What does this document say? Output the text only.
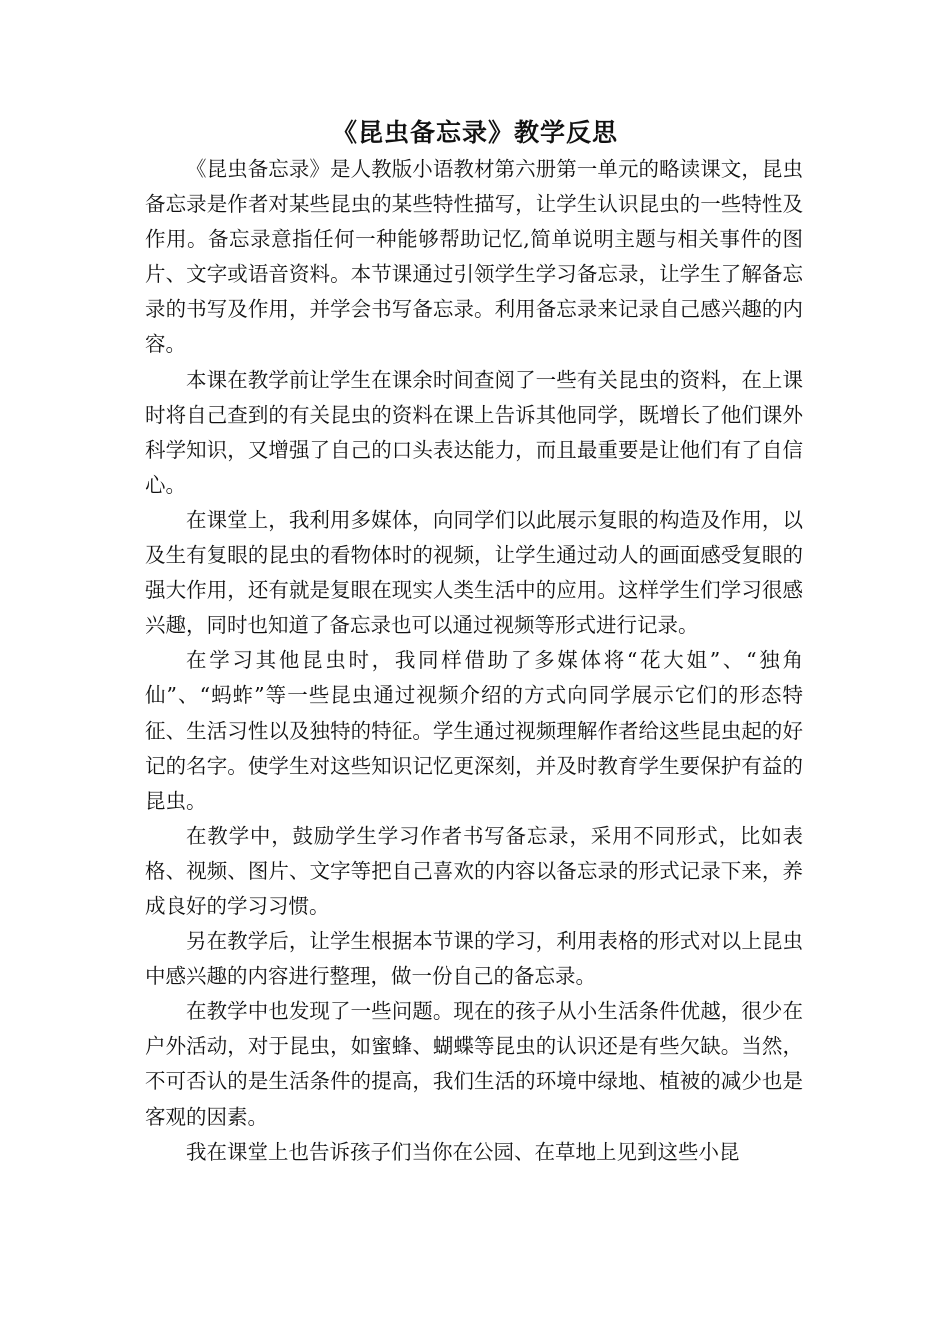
《昆虫备忘录》教学反思

《昆虫备忘录》是人教版小语教材第六册第一单元的略读课文，昆虫备忘录是作者对某些昆虫的某些特性描写，让学生认识昆虫的一些特性及作用。备忘录意指任何一种能够帮助记忆,简单说明主题与相关事件的图片、文字或语音资料。本节课通过引领学生学习备忘录，让学生了解备忘录的书写及作用，并学会书写备忘录。利用备忘录来记录自己感兴趣的内容。

本课在教学前让学生在课余时间查阅了一些有关昆虫的资料，在上课时将自己查到的有关昆虫的资料在课上告诉其他同学，既增长了他们课外科学知识，又增强了自己的口头表达能力，而且最重要是让他们有了自信心。

在课堂上，我利用多媒体，向同学们以此展示复眼的构造及作用，以及生有复眼的昆虫的看物体时的视频，让学生通过动人的画面感受复眼的强大作用，还有就是复眼在现实人类生活中的应用。这样学生们学习很感兴趣，同时也知道了备忘录也可以通过视频等形式进行记录。

在学习其他昆虫时，我同样借助了多媒体将“花大姐”、“独角仙”、“蚂蚱”等一些昆虫通过视频介绍的方式向同学展示它们的形态特征、生活习性以及独特的特征。学生通过视频理解作者给这些昆虫起的好记的名字。使学生对这些知识记忆更深刻，并及时教育学生要保护有益的昆虫。

在教学中，鼓励学生学习作者书写备忘录，采用不同形式，比如表格、视频、图片、文字等把自己喜欢的内容以备忘录的形式记录下来，养成良好的学习习惯。

另在教学后，让学生根据本节课的学习，利用表格的形式对以上昆虫中感兴趣的内容进行整理，做一份自己的备忘录。

在教学中也发现了一些问题。现在的孩子从小生活条件优越，很少在户外活动，对于昆虫，如蜜蜂、蝴蝶等昆虫的认识还是有些欠缺。当然，不可否认的是生活条件的提高，我们生活的环境中绿地、植被的减少也是客观的因素。

我在课堂上也告诉孩子们当你在公园、在草地上见到这些小昆
